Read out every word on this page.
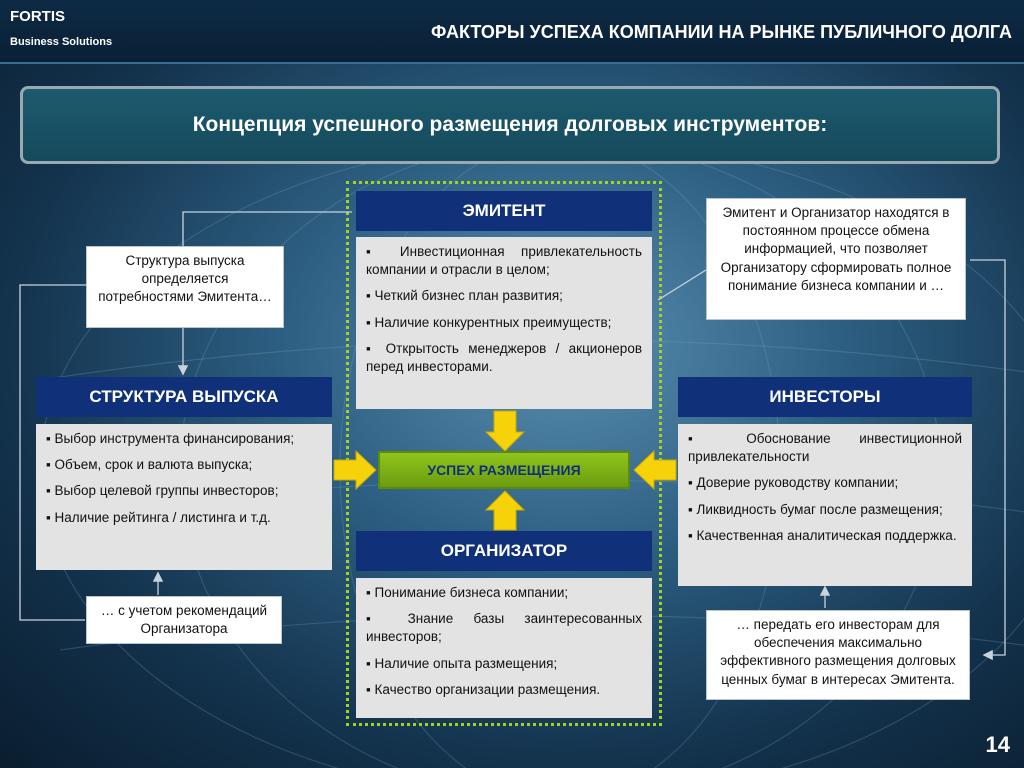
FORTIS
Business Solutions	ФАКТОРЫ УСПЕХА КОМПАНИИ НА РЫНКЕ ПУБЛИЧНОГО ДОЛГА
Концепция успешного размещения долговых инструментов:
ЭМИТЕНТ
▪ Инвестиционная привлекательность компании и отрасли в целом;
▪ Четкий бизнес план развития;
▪ Наличие конкурентных преимуществ;
▪ Открытость менеджеров / акционеров перед инвесторами.
СТРУКТУРА ВЫПУСКА
▪ Выбор инструмента финансирования;
▪ Объем, срок и валюта выпуска;
▪ Выбор целевой группы инвесторов;
▪ Наличие рейтинга / листинга и т.д.
ИНВЕСТОРЫ
▪ Обоснование инвестиционной привлекательности
▪ Доверие руководству компании;
▪ Ликвидность бумаг после размещения;
▪ Качественная аналитическая поддержка.
УСПЕХ РАЗМЕЩЕНИЯ
ОРГАНИЗАТОР
▪ Понимание бизнеса компании;
▪ Знание базы заинтересованных инвесторов;
▪ Наличие опыта размещения;
▪ Качество организации размещения.
Структура выпуска определяется потребностями Эмитента…
… с учетом рекомендаций Организатора
Эмитент и Организатор находятся в постоянном процессе обмена информацией, что позволяет Организатору сформировать полное понимание бизнеса компании и …
… передать его инвесторам для обеспечения максимально эффективного размещения долговых ценных бумаг в интересах Эмитента.
14
